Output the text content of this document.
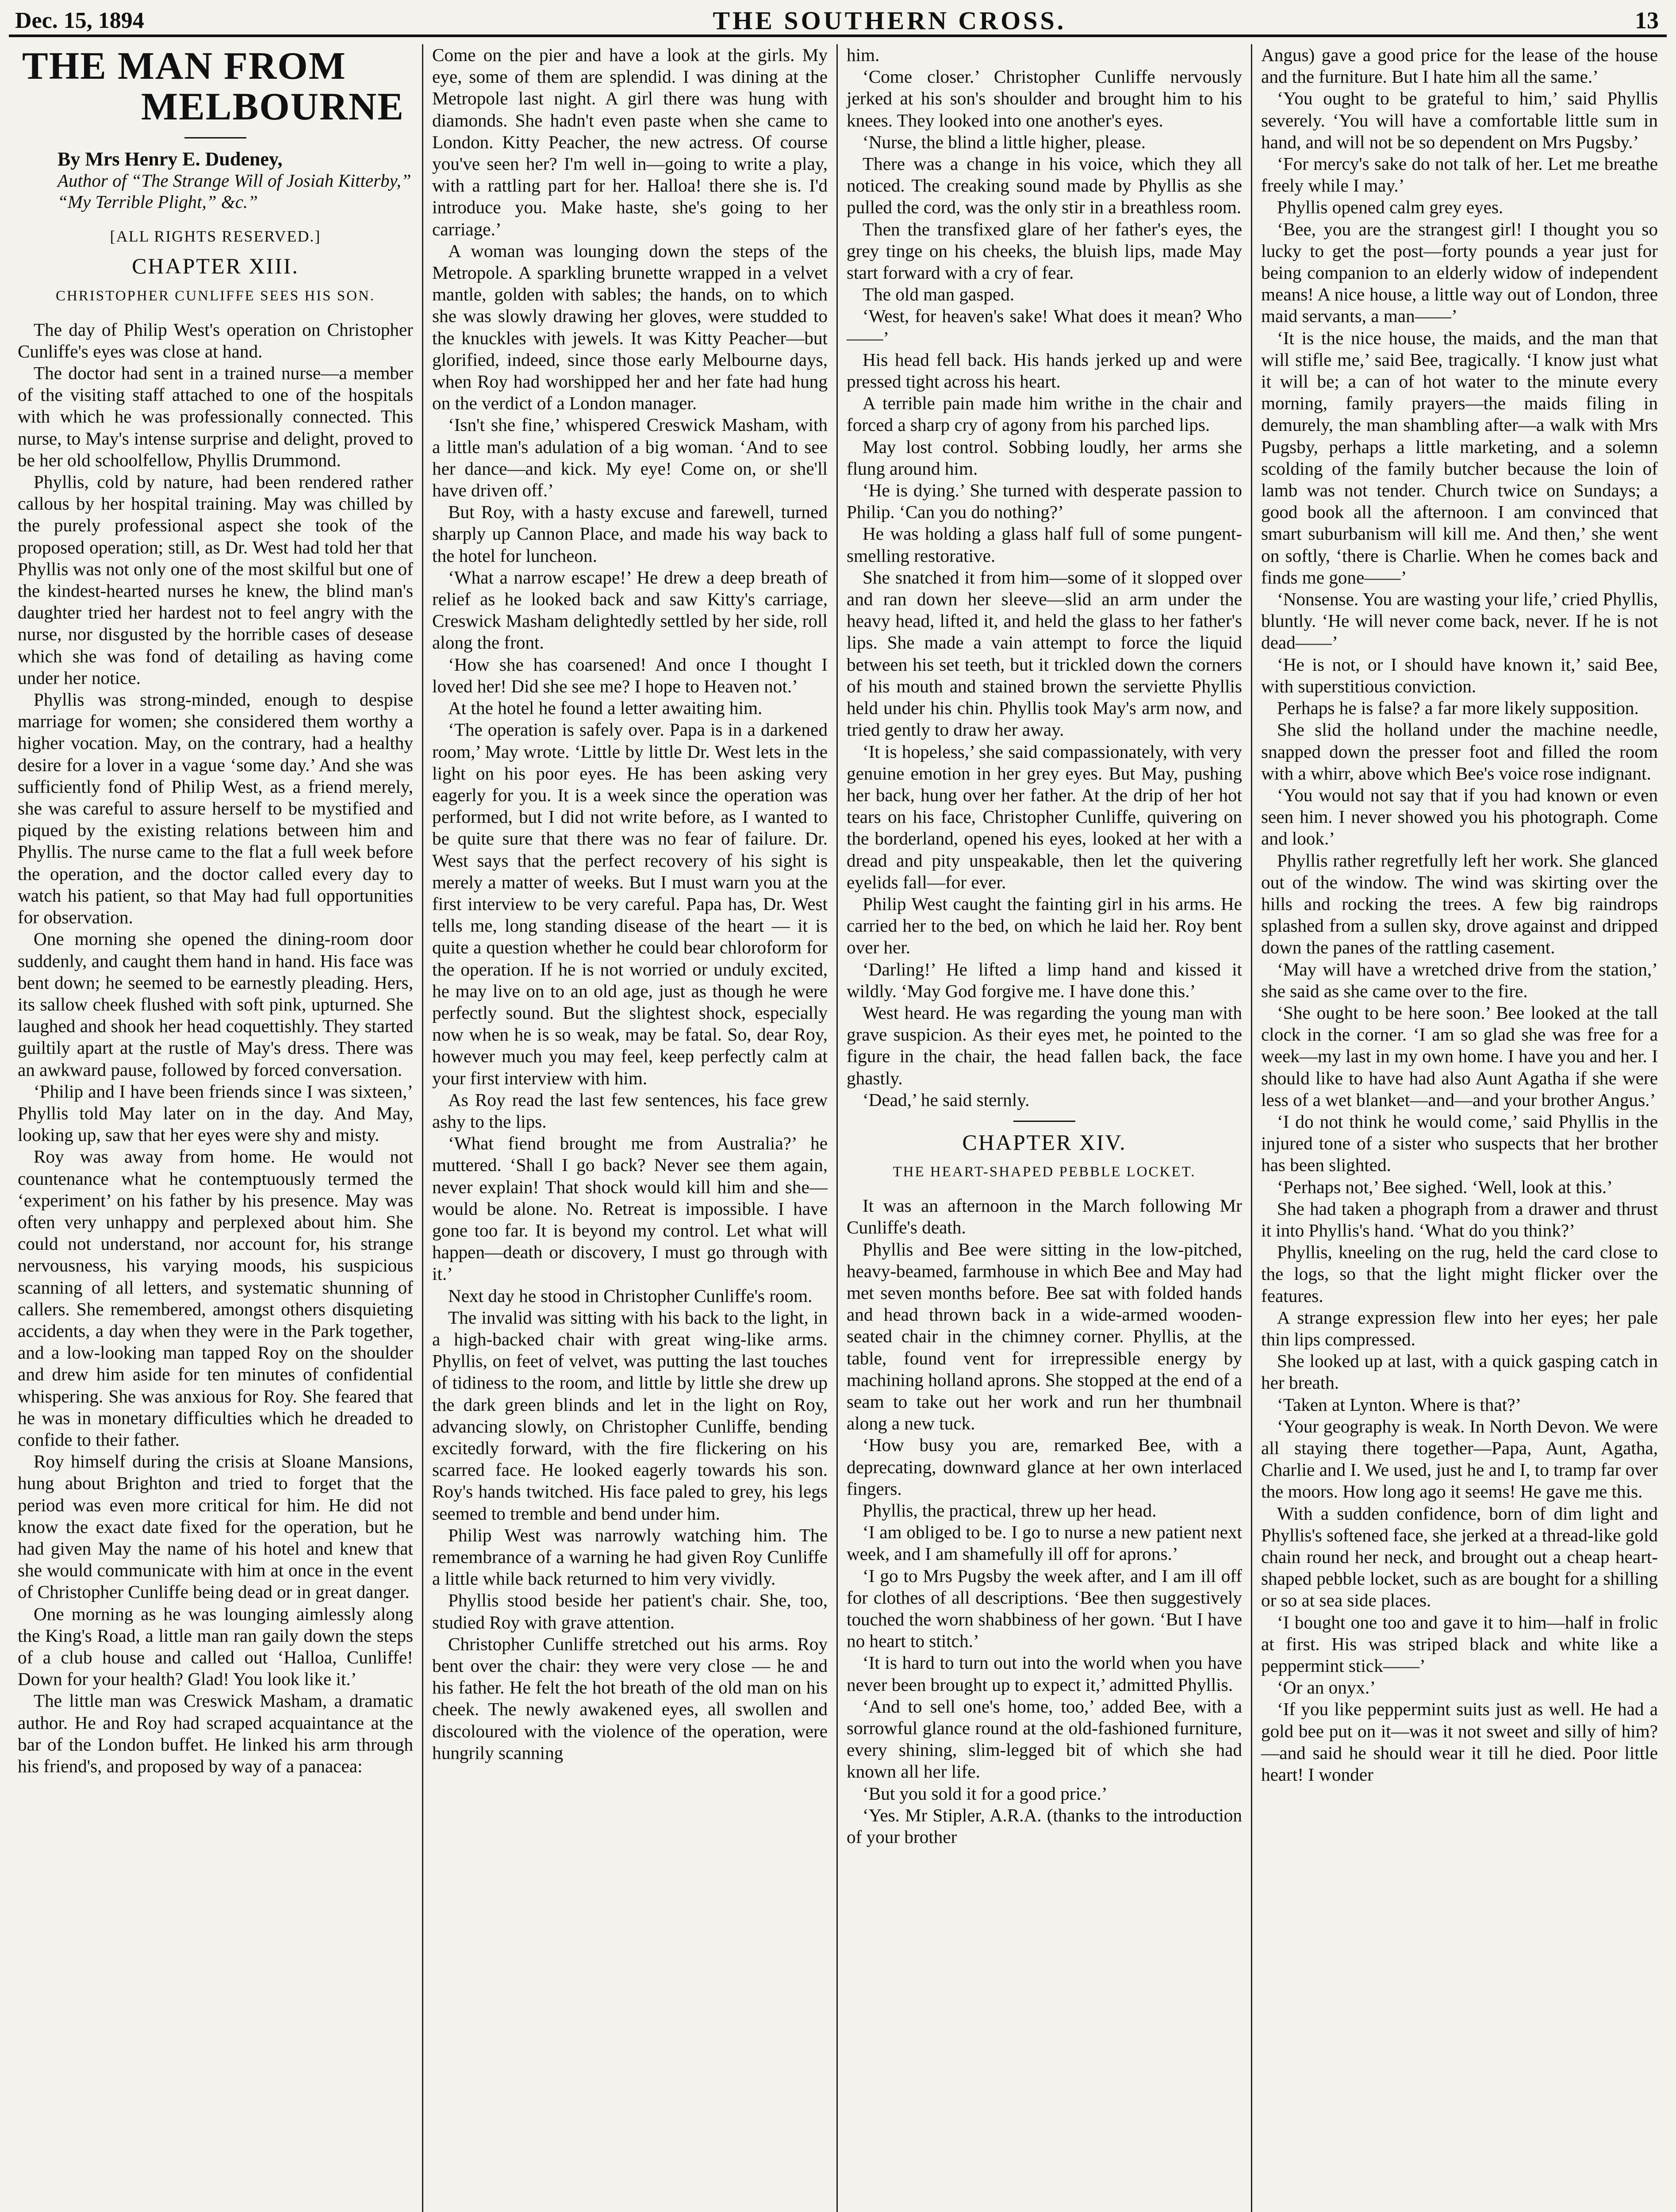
Dec. 15, 1894	THE SOUTHERN CROSS.	13
THE MAN FROM
MELBOURNE
By Mrs Henry E. Dudeney,
Author of “The Strange Will of Josiah Kitterby,” “My Terrible Plight,” &c.”
[ALL RIGHTS RESERVED.]
CHAPTER XIII.
CHRISTOPHER CUNLIFFE SEES HIS SON.

The day of Philip West's operation on Christopher Cunliffe's eyes was close at hand.

The doctor had sent in a trained nurse—a member of the visiting staff attached to one of the hospitals with which he was professionally connected. This nurse, to May's intense surprise and delight, proved to be her old schoolfellow, Phyllis Drummond.

Phyllis, cold by nature, had been rendered rather callous by her hospital training. May was chilled by the purely professional aspect she took of the proposed operation; still, as Dr. West had told her that Phyllis was not only one of the most skilful but one of the kindest-hearted nurses he knew, the blind man's daughter tried her hardest not to feel angry with the nurse, nor disgusted by the horrible cases of desease which she was fond of detailing as having come under her notice.

Phyllis was strong-minded, enough to despise marriage for women; she considered them worthy a higher vocation. May, on the contrary, had a healthy desire for a lover in a vague ‘some day.’ And she was sufficiently fond of Philip West, as a friend merely, she was careful to assure herself to be mystified and piqued by the existing relations between him and Phyllis. The nurse came to the flat a full week before the operation, and the doctor called every day to watch his patient, so that May had full opportunities for observation.

One morning she opened the dining-room door suddenly, and caught them hand in hand. His face was bent down; he seemed to be earnestly pleading. Hers, its sallow cheek flushed with soft pink, upturned. She laughed and shook her head coquettishly. They started guiltily apart at the rustle of May's dress. There was an awkward pause, followed by forced conversation.

‘Philip and I have been friends since I was sixteen,’ Phyllis told May later on in the day. And May, looking up, saw that her eyes were shy and misty.

Roy was away from home. He would not countenance what he contemptuously termed the ‘experiment’ on his father by his presence. May was often very unhappy and perplexed about him. She could not understand, nor account for, his strange nervousness, his varying moods, his suspicious scanning of all letters, and systematic shunning of callers. She remembered, amongst others disquieting accidents, a day when they were in the Park together, and a low-looking man tapped Roy on the shoulder and drew him aside for ten minutes of confidential whispering. She was anxious for Roy. She feared that he was in monetary difficulties which he dreaded to confide to their father.

Roy himself during the crisis at Sloane Mansions, hung about Brighton and tried to forget that the period was even more critical for him. He did not know the exact date fixed for the operation, but he had given May the name of his hotel and knew that she would communicate with him at once in the event of Christopher Cunliffe being dead or in great danger.

One morning as he was lounging aimlessly along the King's Road, a little man ran gaily down the steps of a club house and called out ‘Halloa, Cunliffe! Down for your health? Glad! You look like it.’

The little man was Creswick Masham, a dramatic author. He and Roy had scraped acquaintance at the bar of the London buffet. He linked his arm through his friend's, and proposed by way of a panacea:

Come on the pier and have a look at the girls. My eye, some of them are splendid. I was dining at the Metropole last night. A girl there was hung with diamonds. She hadn't even paste when she came to London. Kitty Peacher, the new actress. Of course you've seen her? I'm well in—going to write a play, with a rattling part for her. Halloa! there she is. I'd introduce you. Make haste, she's going to her carriage.’

A woman was lounging down the steps of the Metropole. A sparkling brunette wrapped in a velvet mantle, golden with sables; the hands, on to which she was slowly drawing her gloves, were studded to the knuckles with jewels. It was Kitty Peacher—but glorified, indeed, since those early Melbourne days, when Roy had worshipped her and her fate had hung on the verdict of a London manager.

‘Isn't she fine,’ whispered Creswick Masham, with a little man's adulation of a big woman. ‘And to see her dance—and kick. My eye! Come on, or she'll have driven off.’

But Roy, with a hasty excuse and farewell, turned sharply up Cannon Place, and made his way back to the hotel for luncheon.

‘What a narrow escape!’ He drew a deep breath of relief as he looked back and saw Kitty's carriage, Creswick Masham delightedly settled by her side, roll along the front.

‘How she has coarsened! And once I thought I loved her! Did she see me? I hope to Heaven not.’

At the hotel he found a letter awaiting him.

‘The operation is safely over. Papa is in a darkened room,’ May wrote. ‘Little by little Dr. West lets in the light on his poor eyes. He has been asking very eagerly for you. It is a week since the operation was performed, but I did not write before, as I wanted to be quite sure that there was no fear of failure. Dr. West says that the perfect recovery of his sight is merely a matter of weeks. But I must warn you at the first interview to be very careful. Papa has, Dr. West tells me, long standing disease of the heart — it is quite a question whether he could bear chloroform for the operation. If he is not worried or unduly excited, he may live on to an old age, just as though he were perfectly sound. But the slightest shock, especially now when he is so weak, may be fatal. So, dear Roy, however much you may feel, keep perfectly calm at your first interview with him.

As Roy read the last few sentences, his face grew ashy to the lips.

‘What fiend brought me from Australia?’ he muttered. ‘Shall I go back? Never see them again, never explain! That shock would kill him and she—would be alone. No. Retreat is impossible. I have gone too far. It is beyond my control. Let what will happen—death or discovery, I must go through with it.’

Next day he stood in Christopher Cunliffe's room.

The invalid was sitting with his back to the light, in a high-backed chair with great wing-like arms. Phyllis, on feet of velvet, was putting the last touches of tidiness to the room, and little by little she drew up the dark green blinds and let in the light on Roy, advancing slowly, on Christopher Cunliffe, bending excitedly forward, with the fire flickering on his scarred face. He looked eagerly towards his son. Roy's hands twitched. His face paled to grey, his legs seemed to tremble and bend under him.

Philip West was narrowly watching him. The remembrance of a warning he had given Roy Cunliffe a little while back returned to him very vividly.

Phyllis stood beside her patient's chair. She, too, studied Roy with grave attention.

Christopher Cunliffe stretched out his arms. Roy bent over the chair: they were very close — he and his father. He felt the hot breath of the old man on his cheek. The newly awakened eyes, all swollen and discoloured with the violence of the operation, were hungrily scanning

him.

‘Come closer.’ Christopher Cunliffe nervously jerked at his son's shoulder and brought him to his knees. They looked into one another's eyes.

‘Nurse, the blind a little higher, please.

There was a change in his voice, which they all noticed. The creaking sound made by Phyllis as she pulled the cord, was the only stir in a breathless room.

Then the transfixed glare of her father's eyes, the grey tinge on his cheeks, the bluish lips, made May start forward with a cry of fear.

The old man gasped.

‘West, for heaven's sake! What does it mean? Who——’

His head fell back. His hands jerked up and were pressed tight across his heart.

A terrible pain made him writhe in the chair and forced a sharp cry of agony from his parched lips.

May lost control. Sobbing loudly, her arms she flung around him.

‘He is dying.’ She turned with desperate passion to Philip. ‘Can you do nothing?’

He was holding a glass half full of some pungent-smelling restorative.

She snatched it from him—some of it slopped over and ran down her sleeve—slid an arm under the heavy head, lifted it, and held the glass to her father's lips. She made a vain attempt to force the liquid between his set teeth, but it trickled down the corners of his mouth and stained brown the serviette Phyllis held under his chin. Phyllis took May's arm now, and tried gently to draw her away.

‘It is hopeless,’ she said compassionately, with very genuine emotion in her grey eyes. But May, pushing her back, hung over her father. At the drip of her hot tears on his face, Christopher Cunliffe, quivering on the borderland, opened his eyes, looked at her with a dread and pity unspeakable, then let the quivering eyelids fall—for ever.

Philip West caught the fainting girl in his arms. He carried her to the bed, on which he laid her. Roy bent over her.

‘Darling!’ He lifted a limp hand and kissed it wildly. ‘May God forgive me. I have done this.’

West heard. He was regarding the young man with grave suspicion. As their eyes met, he pointed to the figure in the chair, the head fallen back, the face ghastly.

‘Dead,’ he said sternly.

CHAPTER XIV.
THE HEART-SHAPED PEBBLE LOCKET.

It was an afternoon in the March following Mr Cunliffe's death.

Phyllis and Bee were sitting in the low-pitched, heavy-beamed, farmhouse in which Bee and May had met seven months before. Bee sat with folded hands and head thrown back in a wide-armed wooden-seated chair in the chimney corner. Phyllis, at the table, found vent for irrepressible energy by machining holland aprons. She stopped at the end of a seam to take out her work and run her thumbnail along a new tuck.

‘How busy you are, remarked Bee, with a deprecating, downward glance at her own interlaced fingers.

Phyllis, the practical, threw up her head.

‘I am obliged to be. I go to nurse a new patient next week, and I am shamefully ill off for aprons.’

‘I go to Mrs Pugsby the week after, and I am ill off for clothes of all descriptions. ‘Bee then suggestively touched the worn shabbiness of her gown. ‘But I have no heart to stitch.’

‘It is hard to turn out into the world when you have never been brought up to expect it,’ admitted Phyllis.

‘And to sell one's home, too,’ added Bee, with a sorrowful glance round at the old-fashioned furniture, every shining, slim-legged bit of which she had known all her life.

‘But you sold it for a good price.’

‘Yes. Mr Stipler, A.R.A. (thanks to the introduction of your brother

Angus) gave a good price for the lease of the house and the furniture. But I hate him all the same.’

‘You ought to be grateful to him,’ said Phyllis severely. ‘You will have a comfortable little sum in hand, and will not be so dependent on Mrs Pugsby.’

‘For mercy's sake do not talk of her. Let me breathe freely while I may.’

Phyllis opened calm grey eyes.

‘Bee, you are the strangest girl! I thought you so lucky to get the post—forty pounds a year just for being companion to an elderly widow of independent means! A nice house, a little way out of London, three maid servants, a man——’

‘It is the nice house, the maids, and the man that will stifle me,’ said Bee, tragically. ‘I know just what it will be; a can of hot water to the minute every morning, family prayers—the maids filing in demurely, the man shambling after—a walk with Mrs Pugsby, perhaps a little marketing, and a solemn scolding of the family butcher because the loin of lamb was not tender. Church twice on Sundays; a good book all the afternoon. I am convinced that smart suburbanism will kill me. And then,’ she went on softly, ‘there is Charlie. When he comes back and finds me gone——’

‘Nonsense. You are wasting your life,’ cried Phyllis, bluntly. ‘He will never come back, never. If he is not dead——’

‘He is not, or I should have known it,’ said Bee, with superstitious conviction.

Perhaps he is false? a far more likely supposition.

She slid the holland under the machine needle, snapped down the presser foot and filled the room with a whirr, above which Bee's voice rose indignant.

‘You would not say that if you had known or even seen him. I never showed you his photograph. Come and look.’

Phyllis rather regretfully left her work. She glanced out of the window. The wind was skirting over the hills and rocking the trees. A few big raindrops splashed from a sullen sky, drove against and dripped down the panes of the rattling casement.

‘May will have a wretched drive from the station,’ she said as she came over to the fire.

‘She ought to be here soon.’ Bee looked at the tall clock in the corner. ‘I am so glad she was free for a week—my last in my own home. I have you and her. I should like to have had also Aunt Agatha if she were less of a wet blanket—and—and your brother Angus.’

‘I do not think he would come,’ said Phyllis in the injured tone of a sister who suspects that her brother has been slighted.

‘Perhaps not,’ Bee sighed. ‘Well, look at this.’

She had taken a phograph from a drawer and thrust it into Phyllis's hand. ‘What do you think?’

Phyllis, kneeling on the rug, held the card close to the logs, so that the light might flicker over the features.

A strange expression flew into her eyes; her pale thin lips compressed.

She looked up at last, with a quick gasping catch in her breath.

‘Taken at Lynton. Where is that?’

‘Your geography is weak. In North Devon. We were all staying there together—Papa, Aunt, Agatha, Charlie and I. We used, just he and I, to tramp far over the moors. How long ago it seems! He gave me this.

With a sudden confidence, born of dim light and Phyllis's softened face, she jerked at a thread-like gold chain round her neck, and brought out a cheap heart-shaped pebble locket, such as are bought for a shilling or so at sea side places.

‘I bought one too and gave it to him—half in frolic at first. His was striped black and white like a peppermint stick——’

‘Or an onyx.’

‘If you like peppermint suits just as well. He had a gold bee put on it—was it not sweet and silly of him?—and said he should wear it till he died. Poor little heart! I wonder
